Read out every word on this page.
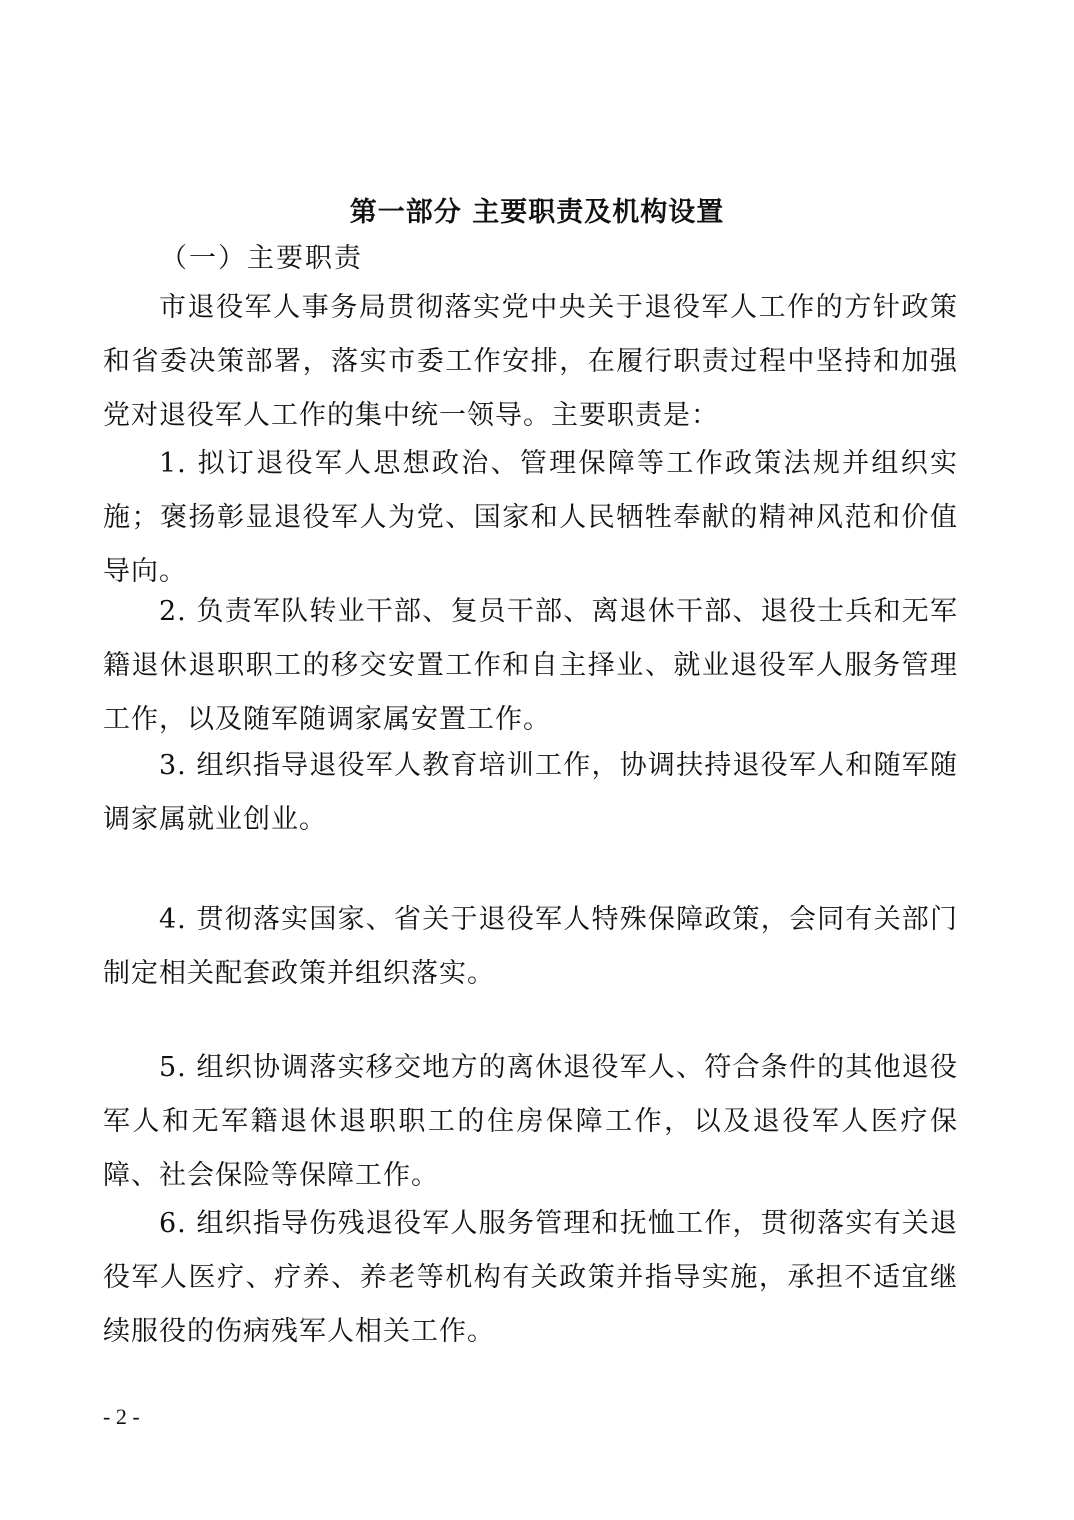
第一部分 主要职责及机构设置
（一）主要职责
市退役军人事务局贯彻落实党中央关于退役军人工作的方针政策和省委决策部署，落实市委工作安排，在履行职责过程中坚持和加强党对退役军人工作的集中统一领导。主要职责是：
1. 拟订退役军人思想政治、管理保障等工作政策法规并组织实施；褒扬彰显退役军人为党、国家和人民牺牲奉献的精神风范和价值导向。
2. 负责军队转业干部、复员干部、离退休干部、退役士兵和无军籍退休退职职工的移交安置工作和自主择业、就业退役军人服务管理工作，以及随军随调家属安置工作。
3. 组织指导退役军人教育培训工作，协调扶持退役军人和随军随调家属就业创业。
4. 贯彻落实国家、省关于退役军人特殊保障政策，会同有关部门制定相关配套政策并组织落实。
5. 组织协调落实移交地方的离休退役军人、符合条件的其他退役军人和无军籍退休退职职工的住房保障工作，以及退役军人医疗保障、社会保险等保障工作。
6. 组织指导伤残退役军人服务管理和抚恤工作，贯彻落实有关退役军人医疗、疗养、养老等机构有关政策并指导实施，承担不适宜继续服役的伤病残军人相关工作。
- 2 -
